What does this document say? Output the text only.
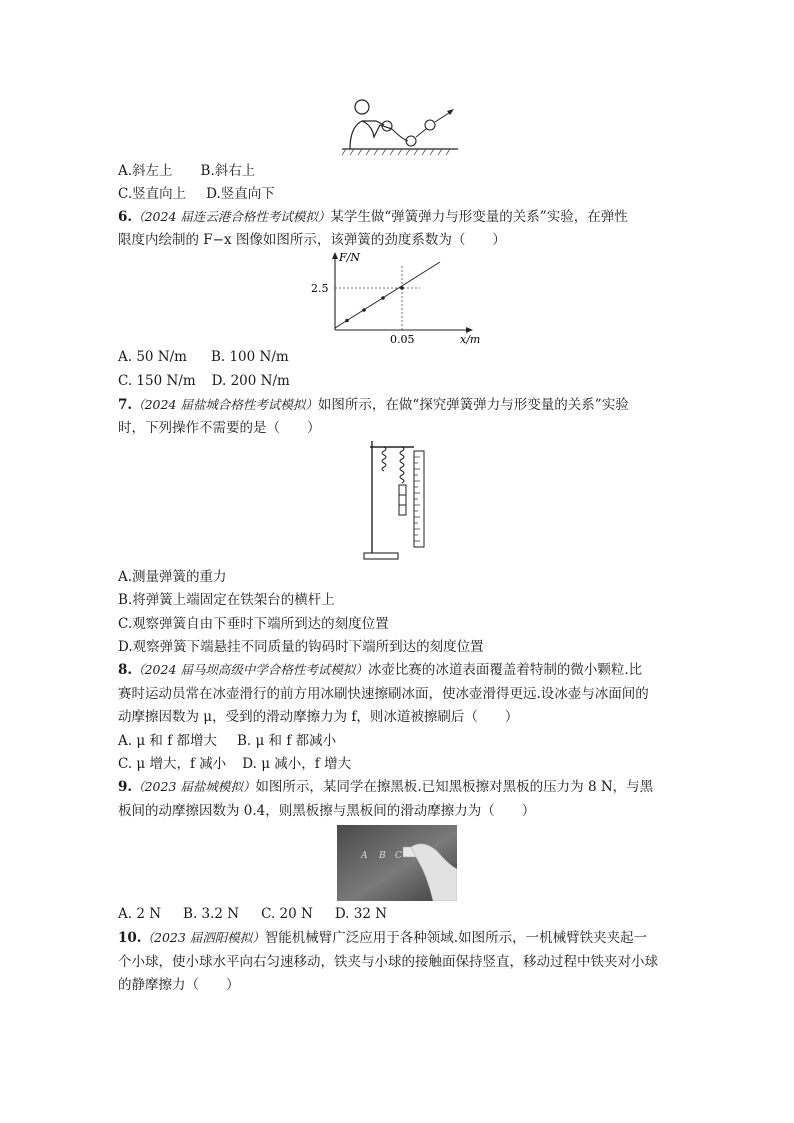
A.斜左上 B.斜右上
C.竖直向上 D.竖直向下
6.（2024 届连云港合格性考试模拟）某学生做“弹簧弹力与形变量的关系”实验，在弹性
限度内绘制的 F−x 图像如图所示，该弹簧的劲度系数为（　　）
F/N
2.5
0.05	x/m
A. 50 N/m B. 100 N/m
C. 150 N/m D. 200 N/m
7.（2024 届盐城合格性考试模拟）如图所示，在做“探究弹簧弹力与形变量的关系”实验
时，下列操作不需要的是（　　）
A.测量弹簧的重力
B.将弹簧上端固定在铁架台的横杆上
C.观察弹簧自由下垂时下端所到达的刻度位置
D.观察弹簧下端悬挂不同质量的钩码时下端所到达的刻度位置
8.（2024 届马坝高级中学合格性考试模拟）冰壶比赛的冰道表面覆盖着特制的微小颗粒.比
赛时运动员常在冰壶滑行的前方用冰刷快速擦刷冰面，使冰壶滑得更远.设冰壶与冰面间的
动摩擦因数为 μ，受到的滑动摩擦力为 f，则冰道被擦刷后（　　）
A. μ 和 f 都增大 B. μ 和 f 都减小
C. μ 增大，f 减小 D. μ 减小，f 增大
9.（2023 届盐城模拟）如图所示，某同学在擦黑板.已知黑板擦对黑板的压力为 8 N，与黑
板间的动摩擦因数为 0.4，则黑板擦与黑板间的滑动摩擦力为（　　）
A B C
A. 2 N B. 3.2 N C. 20 N D. 32 N
10.（2023 届泗阳模拟）智能机械臂广泛应用于各种领域.如图所示，一机械臂铁夹夹起一
个小球，使小球水平向右匀速移动，铁夹与小球的接触面保持竖直，移动过程中铁夹对小球
的静摩擦力（　　）
